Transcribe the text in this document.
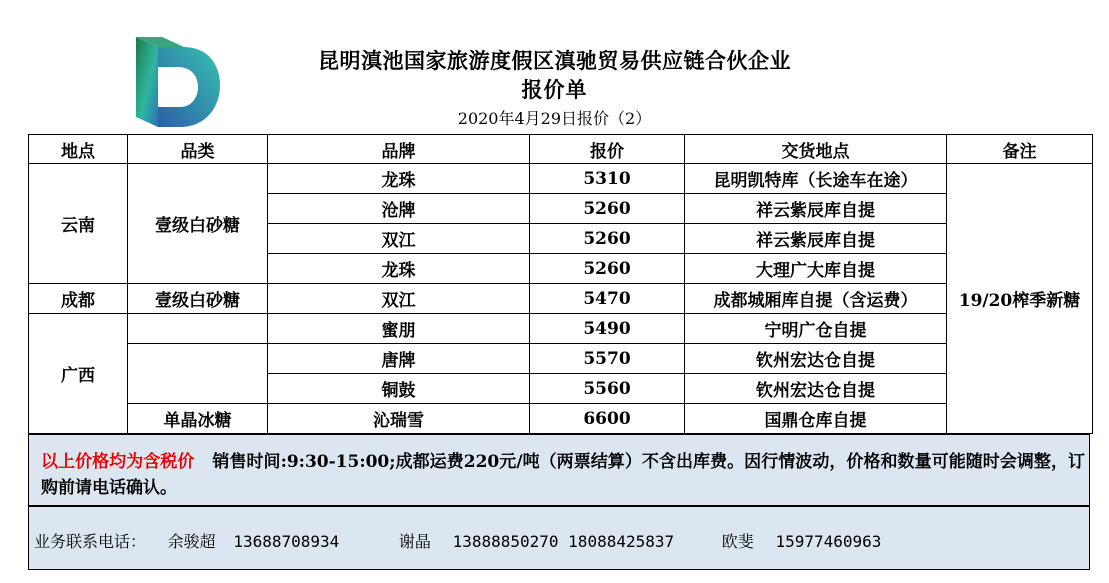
昆明滇池国家旅游度假区滇驰贸易供应链合伙企业
报价单
2020年4月29日报价（2）
地点	品类	品牌	报价	交货地点	备注
云南	壹级白砂糖	龙珠	5310	昆明凯特库（长途车在途）	19/20榨季新糖
		沧牌	5260	祥云紫辰库自提	
		双江	5260	祥云紫辰库自提	
		龙珠	5260	大理广大库自提	
成都	壹级白砂糖	双江	5470	成都城厢库自提（含运费）	
广西		蜜朋	5490	宁明广仓自提	
		唐牌	5570	钦州宏达仓自提	
		铜鼓	5560	钦州宏达仓自提	
	单晶冰糖	沁瑞雪	6600	国鼎仓库自提	
以上价格均为含税价 销售时间:9:30-15:00;成都运费220元/吨（两票结算）不含出库费。因行情波动，价格和数量可能随时会调整，订购前请电话确认。
业务联系电话： 余骏超 13688708934	谢晶 13888850270 18088425837	欧斐 15977460963
